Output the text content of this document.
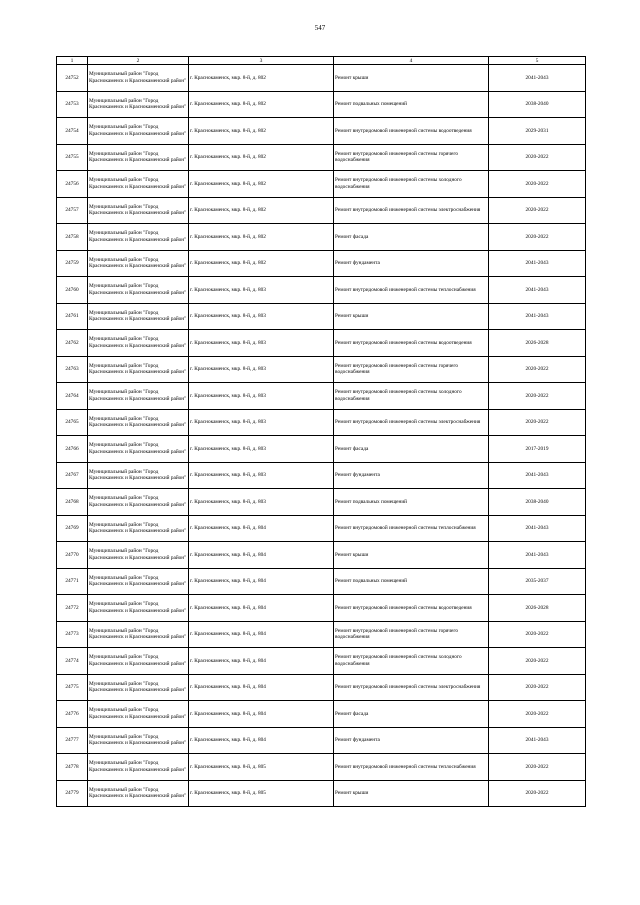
547
1	2	3	4	5
24752	Муниципальный район "Город Краснокаменск и Краснокаменский район"	г. Краснокаменск, мкр. 8-й, д. 802	Ремонт крыши	2041-2043
24753	Муниципальный район "Город Краснокаменск и Краснокаменский район"	г. Краснокаменск, мкр. 8-й, д. 802	Ремонт подвальных помещений	2038-2040
24754	Муниципальный район "Город Краснокаменск и Краснокаменский район"	г. Краснокаменск, мкр. 8-й, д. 802	Ремонт внутридомовой инженерной системы водоотведения	2029-2031
24755	Муниципальный район "Город Краснокаменск и Краснокаменский район"	г. Краснокаменск, мкр. 8-й, д. 802	Ремонт внутридомовой инженерной системы горячего водоснабжения	2020-2022
24756	Муниципальный район "Город Краснокаменск и Краснокаменский район"	г. Краснокаменск, мкр. 8-й, д. 802	Ремонт внутридомовой инженерной системы холодного водоснабжения	2020-2022
24757	Муниципальный район "Город Краснокаменск и Краснокаменский район"	г. Краснокаменск, мкр. 8-й, д. 802	Ремонт внутридомовой инженерной системы электроснабжения	2020-2022
24758	Муниципальный район "Город Краснокаменск и Краснокаменский район"	г. Краснокаменск, мкр. 8-й, д. 802	Ремонт фасада	2020-2022
24759	Муниципальный район "Город Краснокаменск и Краснокаменский район"	г. Краснокаменск, мкр. 8-й, д. 802	Ремонт фундамента	2041-2043
24760	Муниципальный район "Город Краснокаменск и Краснокаменский район"	г. Краснокаменск, мкр. 8-й, д. 803	Ремонт внутридомовой инженерной системы теплоснабжения	2041-2043
24761	Муниципальный район "Город Краснокаменск и Краснокаменский район"	г. Краснокаменск, мкр. 8-й, д. 803	Ремонт крыши	2041-2043
24762	Муниципальный район "Город Краснокаменск и Краснокаменский район"	г. Краснокаменск, мкр. 8-й, д. 803	Ремонт внутридомовой инженерной системы водоотведения	2026-2028
24763	Муниципальный район "Город Краснокаменск и Краснокаменский район"	г. Краснокаменск, мкр. 8-й, д. 803	Ремонт внутридомовой инженерной системы горячего водоснабжения	2020-2022
24764	Муниципальный район "Город Краснокаменск и Краснокаменский район"	г. Краснокаменск, мкр. 8-й, д. 803	Ремонт внутридомовой инженерной системы холодного водоснабжения	2020-2022
24765	Муниципальный район "Город Краснокаменск и Краснокаменский район"	г. Краснокаменск, мкр. 8-й, д. 803	Ремонт внутридомовой инженерной системы электроснабжения	2020-2022
24766	Муниципальный район "Город Краснокаменск и Краснокаменский район"	г. Краснокаменск, мкр. 8-й, д. 803	Ремонт фасада	2017-2019
24767	Муниципальный район "Город Краснокаменск и Краснокаменский район"	г. Краснокаменск, мкр. 8-й, д. 803	Ремонт фундамента	2041-2043
24768	Муниципальный район "Город Краснокаменск и Краснокаменский район"	г. Краснокаменск, мкр. 8-й, д. 803	Ремонт подвальных помещений	2038-2040
24769	Муниципальный район "Город Краснокаменск и Краснокаменский район"	г. Краснокаменск, мкр. 8-й, д. 804	Ремонт внутридомовой инженерной системы теплоснабжения	2041-2043
24770	Муниципальный район "Город Краснокаменск и Краснокаменский район"	г. Краснокаменск, мкр. 8-й, д. 804	Ремонт крыши	2041-2043
24771	Муниципальный район "Город Краснокаменск и Краснокаменский район"	г. Краснокаменск, мкр. 8-й, д. 804	Ремонт подвальных помещений	2035-2037
24772	Муниципальный район "Город Краснокаменск и Краснокаменский район"	г. Краснокаменск, мкр. 8-й, д. 804	Ремонт внутридомовой инженерной системы водоотведения	2026-2028
24773	Муниципальный район "Город Краснокаменск и Краснокаменский район"	г. Краснокаменск, мкр. 8-й, д. 804	Ремонт внутридомовой инженерной системы горячего водоснабжения	2020-2022
24774	Муниципальный район "Город Краснокаменск и Краснокаменский район"	г. Краснокаменск, мкр. 8-й, д. 804	Ремонт внутридомовой инженерной системы холодного водоснабжения	2020-2022
24775	Муниципальный район "Город Краснокаменск и Краснокаменский район"	г. Краснокаменск, мкр. 8-й, д. 804	Ремонт внутридомовой инженерной системы электроснабжения	2020-2022
24776	Муниципальный район "Город Краснокаменск и Краснокаменский район"	г. Краснокаменск, мкр. 8-й, д. 804	Ремонт фасада	2020-2022
24777	Муниципальный район "Город Краснокаменск и Краснокаменский район"	г. Краснокаменск, мкр. 8-й, д. 804	Ремонт фундамента	2041-2043
24778	Муниципальный район "Город Краснокаменск и Краснокаменский район"	г. Краснокаменск, мкр. 8-й, д. 805	Ремонт внутридомовой инженерной системы теплоснабжения	2020-2022
24779	Муниципальный район "Город Краснокаменск и Краснокаменский район"	г. Краснокаменск, мкр. 8-й, д. 805	Ремонт крыши	2020-2022
